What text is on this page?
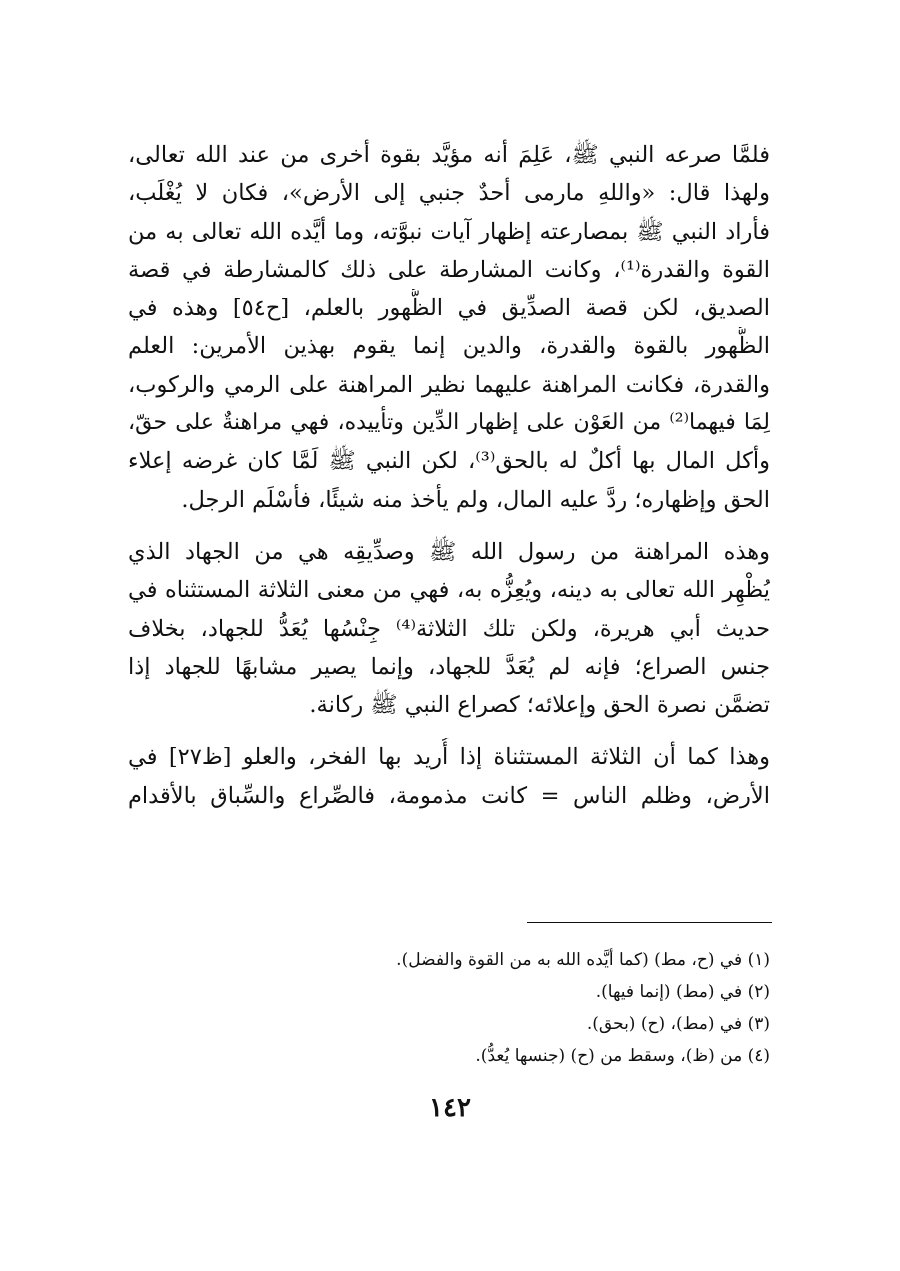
فلمَّا صرعه النبي ﷺ، عَلِمَ أنه مؤيَّد بقوة أخرى من عند الله تعالى،
ولهذا قال: «واللهِ مارمى أحدٌ جنبي إلى الأرض»، فكان لا يُغْلَب،
فأراد النبي ﷺ بمصارعته إظهار آيات نبوَّته، وما أيَّده الله تعالى به من
القوة والقدرة⁽¹⁾، وكانت المشارطة على ذلك كالمشارطة في قصة
الصديق، لكن قصة الصدِّيق في الظُّهور بالعلم، [ح٥٤] وهذه في
الظُّهور بالقوة والقدرة، والدين إنما يقوم بهذين الأمرين: العلم
والقدرة، فكانت المراهنة عليهما نظير المراهنة على الرمي والركوب،
لِمَا فيهما⁽²⁾ من العَوْن على إظهار الدِّين وتأييده، فهي مراهنةٌ على حقّ،
وأكل المال بها أكلٌ له بالحق⁽³⁾، لكن النبي ﷺ لَمَّا كان غرضه إعلاء
الحق وإظهاره؛ ردَّ عليه المال، ولم يأخذ منه شيئًا، فأسْلَم الرجل.

وهذه المراهنة من رسول الله ﷺ وصدِّيقِه هي من الجهاد الذي
يُظْهِر الله تعالى به دينه، ويُعِزُّه به، فهي من معنى الثلاثة المستثناه في
حديث أبي هريرة، ولكن تلك الثلاثة⁽⁴⁾ جِنْسُها يُعَدُّ للجهاد، بخلاف
جنس الصراع؛ فإنه لم يُعَدَّ للجهاد، وإنما يصير مشابهًا للجهاد إذا
تضمَّن نصرة الحق وإعلائه؛ كصراع النبي ﷺ ركانة.

وهذا كما أن الثلاثة المستثناة إذا أُريد بها الفخر، والعلو [ظ٢٧] في
الأرض، وظلم الناس = كانت مذمومة، فالصِّراع والسِّباق بالأقدام

(١) في (ح، مط) (كما أيَّده الله به من القوة والفضل).
(٢) في (مط) (إنما فيها).
(٣) في (مط)، (ح) (بحق).
(٤) من (ظ)، وسقط من (ح) (جنسها يُعدُّ).
١٤٢
